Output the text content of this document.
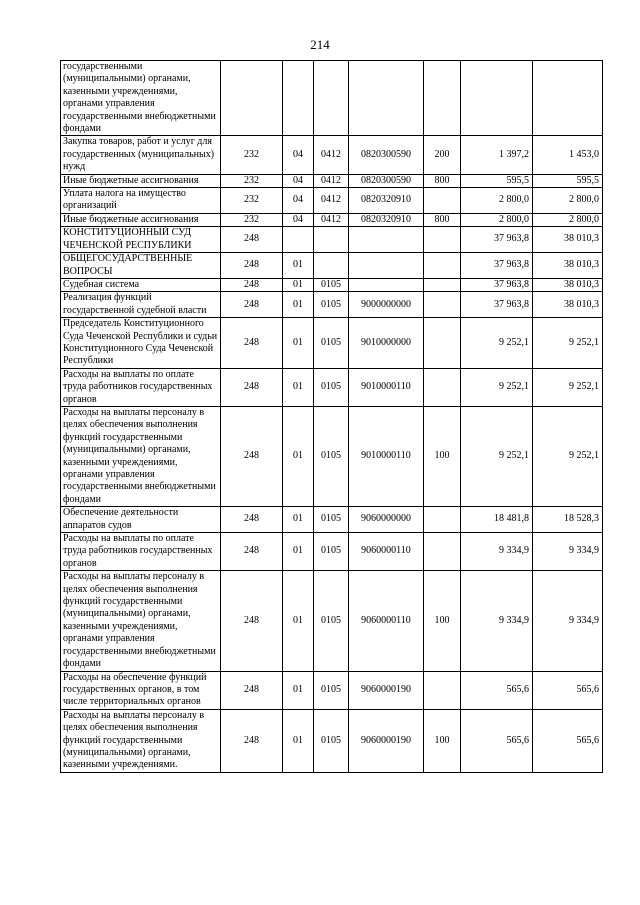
214
государственными (муниципальными) органами, казенными учреждениями, органами управления государственными внебюджетными фондами							
Закупка товаров, работ и услуг для государственных (муниципальных) нужд	232	04	0412	0820300590	200	1 397,2	1 453,0
Иные бюджетные ассигнования	232	04	0412	0820300590	800	595,5	595,5
Уплата налога на имущество организаций	232	04	0412	0820320910		2 800,0	2 800,0
Иные бюджетные ассигнования	232	04	0412	0820320910	800	2 800,0	2 800,0
КОНСТИТУЦИОННЫЙ СУД ЧЕЧЕНСКОЙ РЕСПУБЛИКИ	248					37 963,8	38 010,3
ОБЩЕГОСУДАРСТВЕННЫЕ ВОПРОСЫ	248	01				37 963,8	38 010,3
Судебная система	248	01	0105			37 963,8	38 010,3
Реализация функций государственной судебной власти	248	01	0105	9000000000		37 963,8	38 010,3
Председатель Конституционного Суда Чеченской Республики и судьи Конституционного Суда Чеченской Республики	248	01	0105	9010000000		9 252,1	9 252,1
Расходы на выплаты по оплате труда работников государственных органов	248	01	0105	9010000110		9 252,1	9 252,1
Расходы на выплаты персоналу в целях обеспечения выполнения функций государственными (муниципальными) органами, казенными учреждениями, органами управления государственными внебюджетными фондами	248	01	0105	9010000110	100	9 252,1	9 252,1
Обеспечение деятельности аппаратов судов	248	01	0105	9060000000		18 481,8	18 528,3
Расходы на выплаты по оплате труда работников государственных органов	248	01	0105	9060000110		9 334,9	9 334,9
Расходы на выплаты персоналу в целях обеспечения выполнения функций государственными (муниципальными) органами, казенными учреждениями, органами управления государственными внебюджетными фондами	248	01	0105	9060000110	100	9 334,9	9 334,9
Расходы на обеспечение функций государственных органов, в том числе территориальных органов	248	01	0105	9060000190		565,6	565,6
Расходы на выплаты персоналу в целях обеспечения выполнения функций государственными (муниципальными) органами, казенными учреждениями.	248	01	0105	9060000190	100	565,6	565,6
